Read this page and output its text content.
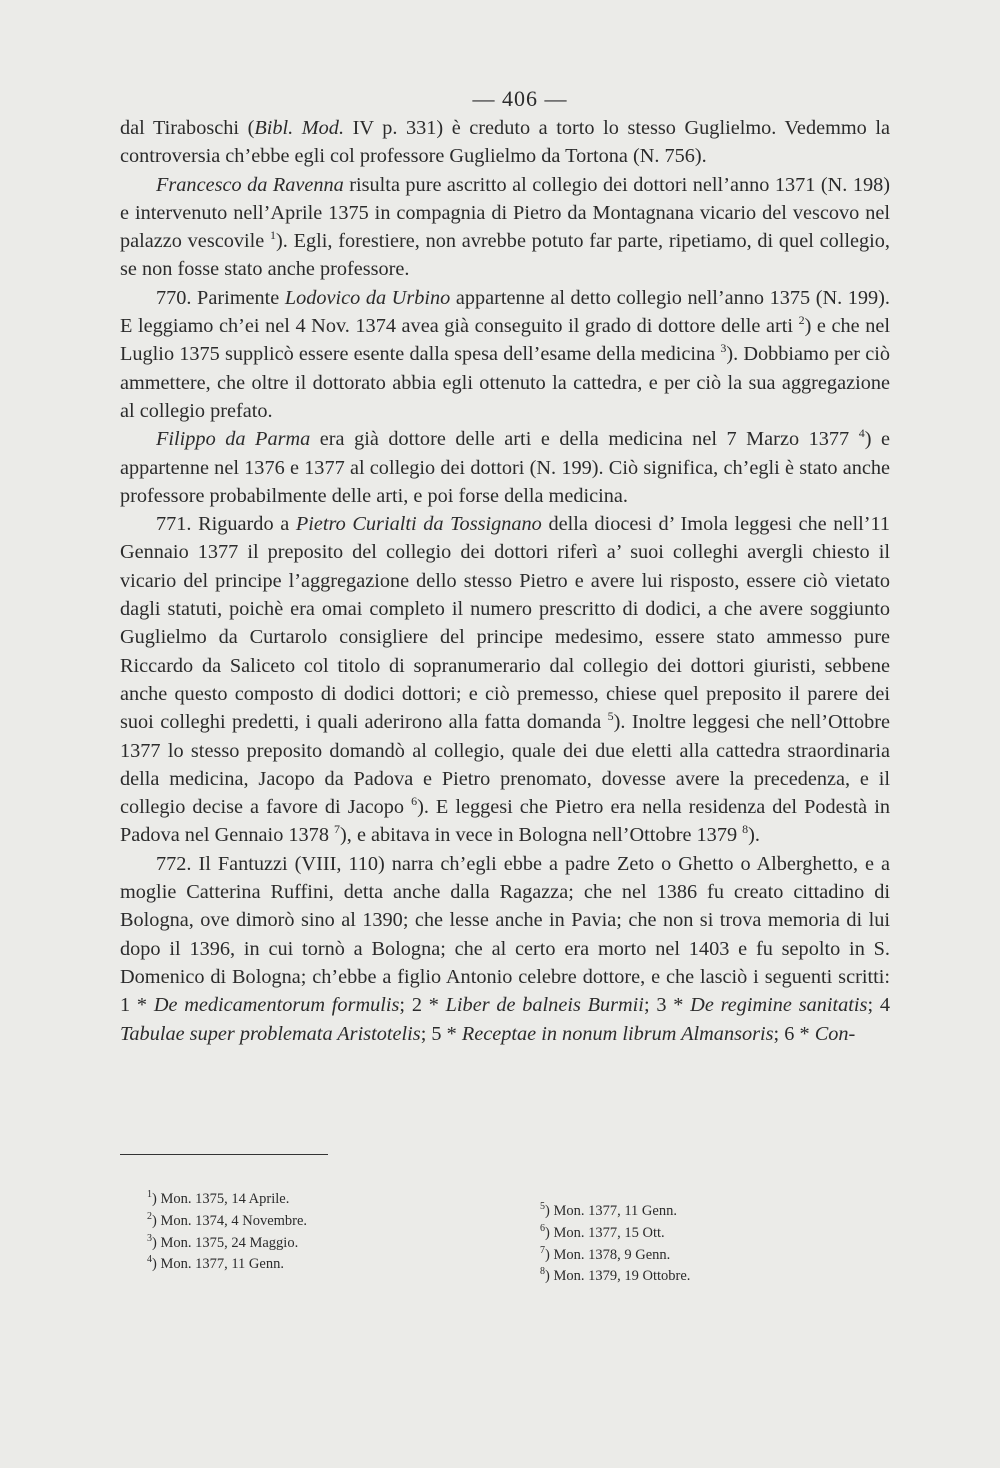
— 406 —

dal Tiraboschi (Bibl. Mod. IV p. 331) è creduto a torto lo stesso Guglielmo. Vedemmo la controversia ch’ebbe egli col professore Guglielmo da Tortona (N. 756).

Francesco da Ravenna risulta pure ascritto al collegio dei dottori nell’anno 1371 (N. 198) e intervenuto nell’Aprile 1375 in compagnia di Pietro da Montagnana vicario del vescovo nel palazzo vescovile $^1$). Egli, forestiere, non avrebbe potuto far parte, ripetiamo, di quel collegio, se non fosse stato anche professore.

770. Parimente Lodovico da Urbino appartenne al detto collegio nell’anno 1375 (N. 199). E leggiamo ch’ei nel 4 Nov. 1374 avea già conseguito il grado di dottore delle arti $^2$) e che nel Luglio 1375 supplicò essere esente dalla spesa dell’esame della medicina $^3$). Dobbiamo per ciò ammettere, che oltre il dottorato abbia egli ottenuto la cattedra, e per ciò la sua aggregazione al collegio prefato.

Filippo da Parma era già dottore delle arti e della medicina nel 7 Marzo 1377 $^4$) e appartenne nel 1376 e 1377 al collegio dei dottori (N. 199). Ciò significa, ch’egli è stato anche professore probabilmente delle arti, e poi forse della medicina.

771. Riguardo a Pietro Curialti da Tossignano della diocesi d’ Imola leggesi che nell’11 Gennaio 1377 il preposito del collegio dei dottori riferì a’ suoi colleghi avergli chiesto il vicario del principe l’aggregazione dello stesso Pietro e avere lui risposto, essere ciò vietato dagli statuti, poichè era omai completo il numero prescritto di dodici, a che avere soggiunto Guglielmo da Curtarolo consigliere del principe medesimo, essere stato ammesso pure Riccardo da Saliceto col titolo di sopranumerario dal collegio dei dottori giuristi, sebbene anche questo composto di dodici dottori; e ciò premesso, chiese quel preposito il parere dei suoi colleghi predetti, i quali aderirono alla fatta domanda $^5$). Inoltre leggesi che nell’Ottobre 1377 lo stesso preposito domandò al collegio, quale dei due eletti alla cattedra straordinaria della medicina, Jacopo da Padova e Pietro prenomato, dovesse avere la precedenza, e il collegio decise a favore di Jacopo $^6$). E leggesi che Pietro era nella residenza del Podestà in Padova nel Gennaio 1378 $^7$), e abitava in vece in Bologna nell’Ottobre 1379 $^8$).

772. Il Fantuzzi (VIII, 110) narra ch’egli ebbe a padre Zeto o Ghetto o Alberghetto, e a moglie Catterina Ruffini, detta anche dalla Ragazza; che nel 1386 fu creato cittadino di Bologna, ove dimorò sino al 1390; che lesse anche in Pavia; che non si trova memoria di lui dopo il 1396, in cui tornò a Bologna; che al certo era morto nel 1403 e fu sepolto in S. Domenico di Bologna; ch’ebbe a figlio Antonio celebre dottore, e che lasciò i seguenti scritti: 1 * De medicamentorum formulis; 2 * Liber de balneis Burmii; 3 * De regimine sanitatis; 4 Tabulae super problemata Aristotelis; 5 * Receptae in nonum librum Almansoris; 6 * Con-

$^1$) Mon. 1375, 14 Aprile.
$^2$) Mon. 1374, 4 Novembre.
$^3$) Mon. 1375, 24 Maggio.
$^4$) Mon. 1377, 11 Genn.
$^5$) Mon. 1377, 11 Genn.
$^6$) Mon. 1377, 15 Ott.
$^7$) Mon. 1378, 9 Genn.
$^8$) Mon. 1379, 19 Ottobre.
